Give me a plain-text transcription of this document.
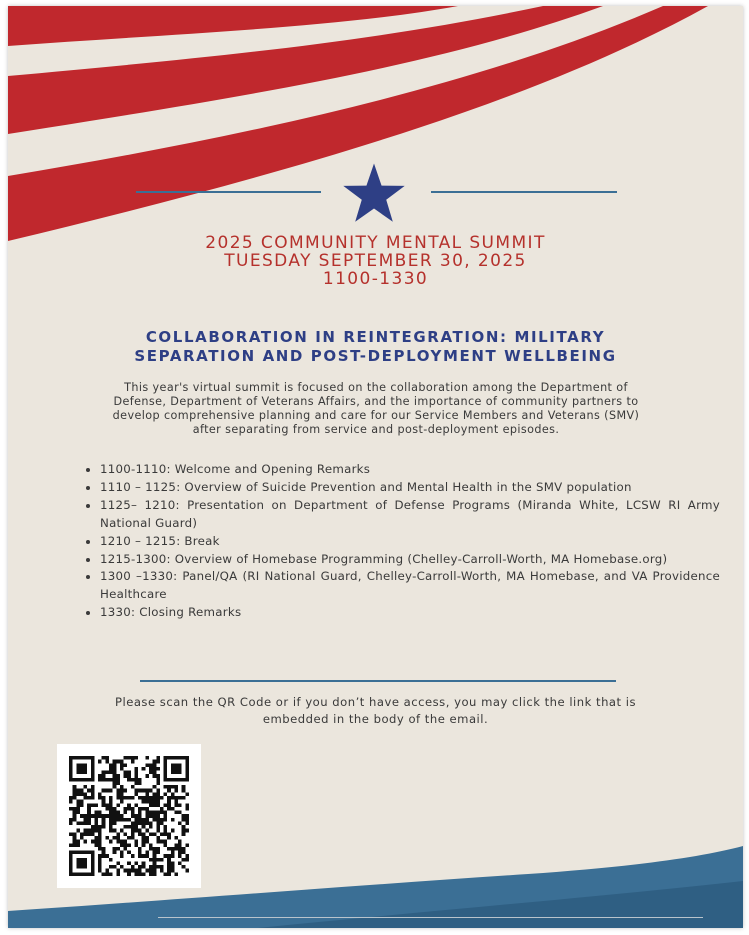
2025 COMMUNITY MENTAL SUMMIT
TUESDAY SEPTEMBER 30, 2025
1100-1330
COLLABORATION IN REINTEGRATION: MILITARY
SEPARATION AND POST-DEPLOYMENT WELLBEING
This year's virtual summit is focused on the collaboration among the Department of
Defense, Department of Veterans Affairs, and the importance of community partners to
develop comprehensive planning and care for our Service Members and Veterans (SMV)
after separating from service and post-deployment episodes.
• 1100-1110: Welcome and Opening Remarks
• 1110 – 1125: Overview of Suicide Prevention and Mental Health in the SMV population
• 1125– 1210: Presentation on Department of Defense Programs (Miranda White, LCSW RI Army National Guard)
• 1210 – 1215: Break
• 1215-1300: Overview of Homebase Programming (Chelley-Carroll-Worth, MA Homebase.org)
• 1300 –1330: Panel/QA (RI National Guard, Chelley-Carroll-Worth, MA Homebase, and VA Providence Healthcare
• 1330: Closing Remarks
Please scan the QR Code or if you don’t have access, you may click the link that is
embedded in the body of the email.
